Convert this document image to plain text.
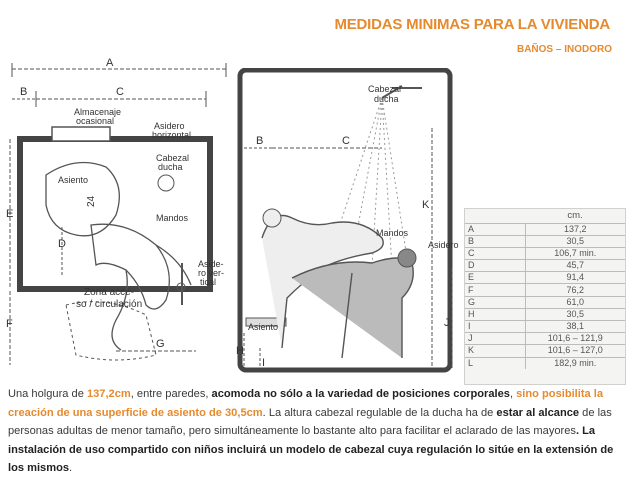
MEDIDAS MINIMAS PARA LA VIVIENDA
BAÑOS – INODORO
A
B	C
Almacenaje
ocasional	Asidero
horizontal
Asiento
24
Cabezal
ducha
Mandos
E
D
Aside-
ro ver-
tical
Zona acce-
so / circulación
F
G
Cabezal
ducha
B	C
Mandos
Asidero
Asiento
H
I
J
K
	cm.
A	137,2
B	30,5
C	106,7 min.
D	45,7
E	91,4
F	76,2
G	61,0
H	30,5
I	38,1
J	101,6 – 121,9
K	101,6 – 127,0
L	182,9 min.
Una holgura de 137,2cm, entre paredes, acomoda no sólo a la variedad de posiciones corporales, sino posibilita la creación de una superficie de asiento de 30,5cm. La altura cabezal regulable de la ducha ha de estar al alcance de las personas adultas de menor tamaño, pero simultáneamente lo bastante alto para facilitar el aclarado de las mayores. La instalación de uso compartido con niños incluirá un modelo de cabezal cuya regulación lo sitúe en la extensión de los mismos.
